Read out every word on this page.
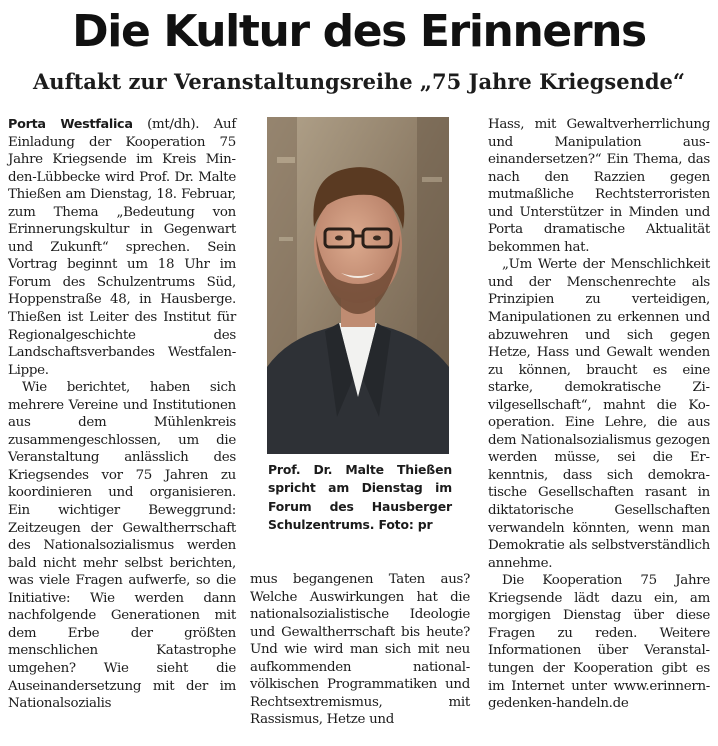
Die Kultur des Erinnerns
Auftakt zur Veranstaltungsreihe „75 Jahre Kriegsende“

Porta Westfalica (mt/dh). Auf Einladung der Kooperation 75 Jahre Kriegsende im Kreis Minden-Lübbecke wird Prof. Dr. Malte Thießen am Dienstag, 18. Februar, zum Thema „Bedeutung von Erinnerungskultur in Gegenwart und Zukunft“ sprechen. Sein Vortrag beginnt um 18 Uhr im Forum des Schulzentrums Süd, Hoppenstraße 48, in Hausberge. Thießen ist Leiter des Institut für Regionalgeschichte des Landschaftsverbandes Westfalen-Lippe.

Wie berichtet, haben sich mehrere Vereine und Institutionen aus dem Mühlenkreis zusammengeschlossen, um die Veranstaltung anlässlich des Kriegsendes vor 75 Jahren zu koordinieren und organisieren. Ein wichtiger Beweggrund: Zeitzeugen der Gewaltherrschaft des Nationalsozialismus werden bald nicht mehr selbst berichten, was viele Fragen aufwerfe, so die Initiative: Wie werden dann nachfolgende Generationen mit dem Erbe der größten menschlichen Katastrophe umgehen? Wie sieht die Auseinandersetzung mit der im Nationalsozialis

Prof. Dr. Malte Thießen spricht am Dienstag im Forum des Hausberger Schulzentrums. Foto: pr

mus begangenen Taten aus? Welche Auswirkungen hat die nationalsozialistische Ideologie und Gewaltherrschaft bis heute? Und wie wird man sich mit neu aufkommenden national-völkischen Programmatiken und Rechtsextremismus, mit Rassismus, Hetze und

Hass, mit Gewaltverherrlichung und Manipulation auseinandersetzen?“ Ein Thema, das nach den Razzien gegen mutmaßliche Rechtsterroristen und Unterstützer in Minden und Porta dramatische Aktualität bekommen hat.

„Um Werte der Menschlichkeit und der Menschenrechte als Prinzipien zu verteidigen, Manipulationen zu erkennen und abzuwehren und sich gegen Hetze, Hass und Gewalt wenden zu können, braucht es eine starke, demokratische Zivilgesellschaft“, mahnt die Kooperation. Eine Lehre, die aus dem Nationalsozialismus gezogen werden müsse, sei die Erkenntnis, dass sich demokratische Gesellschaften rasant in diktatorische Gesellschaften verwandeln könnten, wenn man Demokratie als selbstverständlich annehme.

Die Kooperation 75 Jahre Kriegsende lädt dazu ein, am morgigen Dienstag über diese Fragen zu reden. Weitere Informationen über Veranstaltungen der Kooperation gibt es im Internet unter www.erinnern-gedenken-handeln.de
